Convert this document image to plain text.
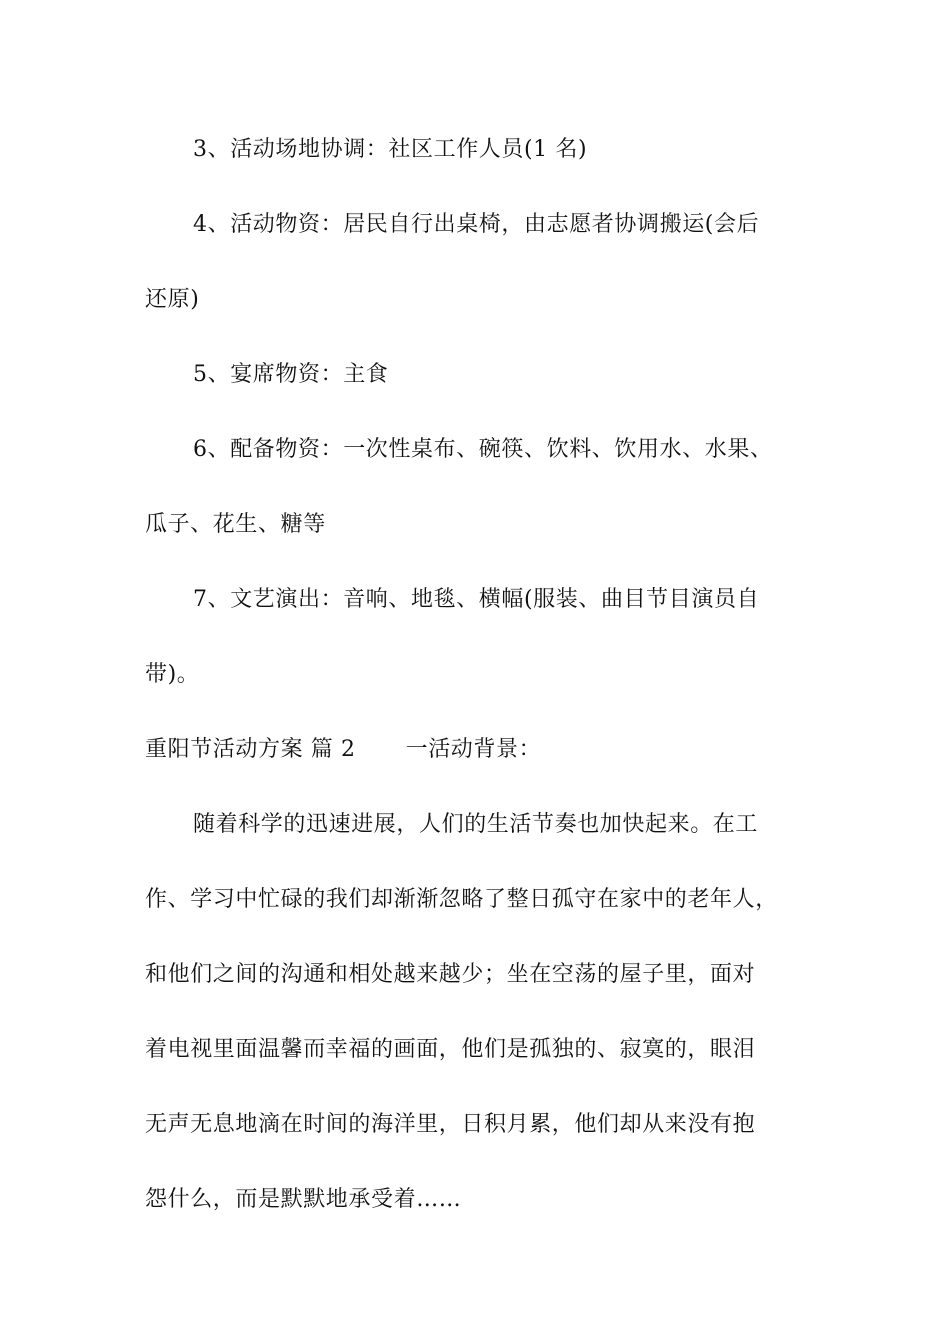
3、活动场地协调：社区工作人员(1 名)
4、活动物资：居民自行出桌椅，由志愿者协调搬运(会后
还原)
5、宴席物资：主食
6、配备物资：一次性桌布、碗筷、饮料、饮用水、水果、
瓜子、花生、糖等
7、文艺演出：音响、地毯、横幅(服装、曲目节目演员自
带)。
重阳节活动方案 篇 2 一活动背景：
随着科学的迅速进展，人们的生活节奏也加快起来。在工
作、学习中忙碌的我们却渐渐忽略了整日孤守在家中的老年人，
和他们之间的沟通和相处越来越少；坐在空荡的屋子里，面对
着电视里面温馨而幸福的画面，他们是孤独的、寂寞的，眼泪
无声无息地滴在时间的海洋里，日积月累，他们却从来没有抱
怨什么，而是默默地承受着……
